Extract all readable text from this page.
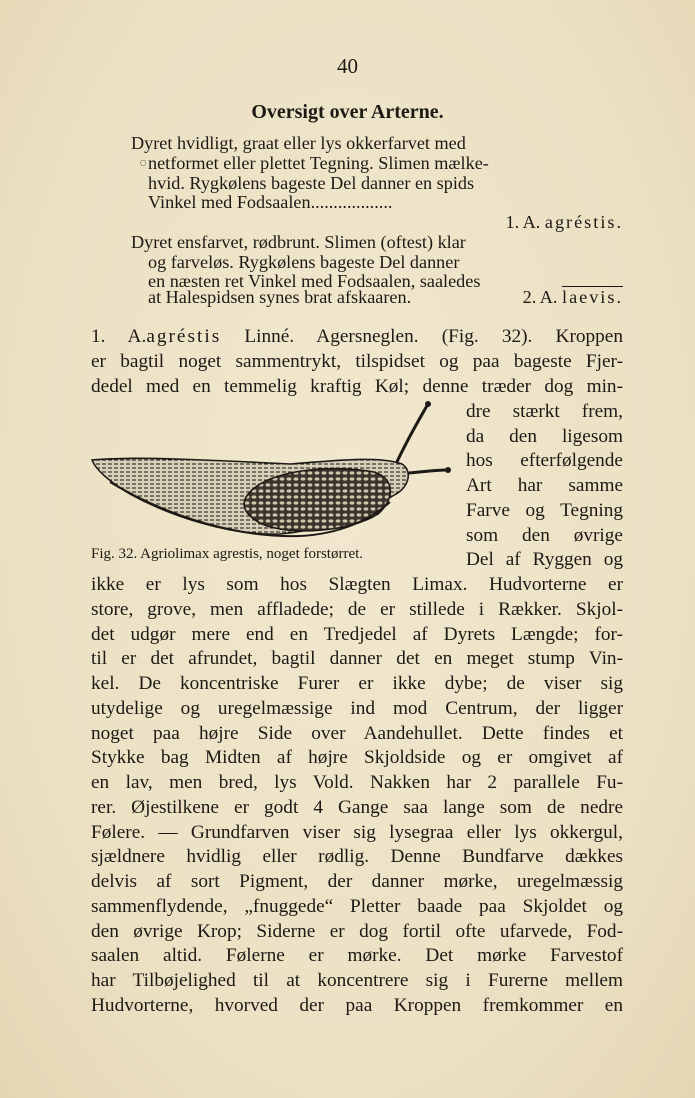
40
Oversigt over Arterne.
Dyret hvidligt, graat eller lys okkerfarvet med
○ netformet eller plettet Tegning. Slimen mælke-
hvid. Rygkølens bageste Del danner en spids
Vinkel med Fodsaalen..................
1. A. agréstis.
Dyret ensfarvet, rødbrunt. Slimen (oftest) klar
og farveløs. Rygkølens bageste Del danner
en næsten ret Vinkel med Fodsaalen, saaledes
at Halespidsen synes brat afskaaren.	2. A. laevis.
1. A.agréstis Linné. Agersneglen. (Fig. 32). Kroppen
er bagtil noget sammentrykt, tilspidset og paa bageste Fjer-
dedel med en temmelig kraftig Køl; denne træder dog min-
dre stærkt frem,
da den ligesom
hos efterfølgende
Art har samme
Farve og Tegning
som den øvrige
Fig. 32. Agriolimax agrestis, noget forstørret.	Del af Ryggen og
ikke er lys som hos Slægten Limax. Hudvorterne er
store, grove, men affladede; de er stillede i Rækker. Skjol-
det udgør mere end en Tredjedel af Dyrets Længde; for-
til er det afrundet, bagtil danner det en meget stump Vin-
kel. De koncentriske Furer er ikke dybe; de viser sig
utydelige og uregelmæssige ind mod Centrum, der ligger
noget paa højre Side over Aandehullet. Dette findes et
Stykke bag Midten af højre Skjoldside og er omgivet af
en lav, men bred, lys Vold. Nakken har 2 parallele Fu-
rer. Øjestilkene er godt 4 Gange saa lange som de nedre
Følere. — Grundfarven viser sig lysegraa eller lys okkergul,
sjældnere hvidlig eller rødlig. Denne Bundfarve dækkes
delvis af sort Pigment, der danner mørke, uregelmæssig
sammenflydende, „fnuggede“ Pletter baade paa Skjoldet og
den øvrige Krop; Siderne er dog fortil ofte ufarvede, Fod-
saalen altid. Følerne er mørke. Det mørke Farvestof
har Tilbøjelighed til at koncentrere sig i Furerne mellem
Hudvorterne, hvorved der paa Kroppen fremkommer en
